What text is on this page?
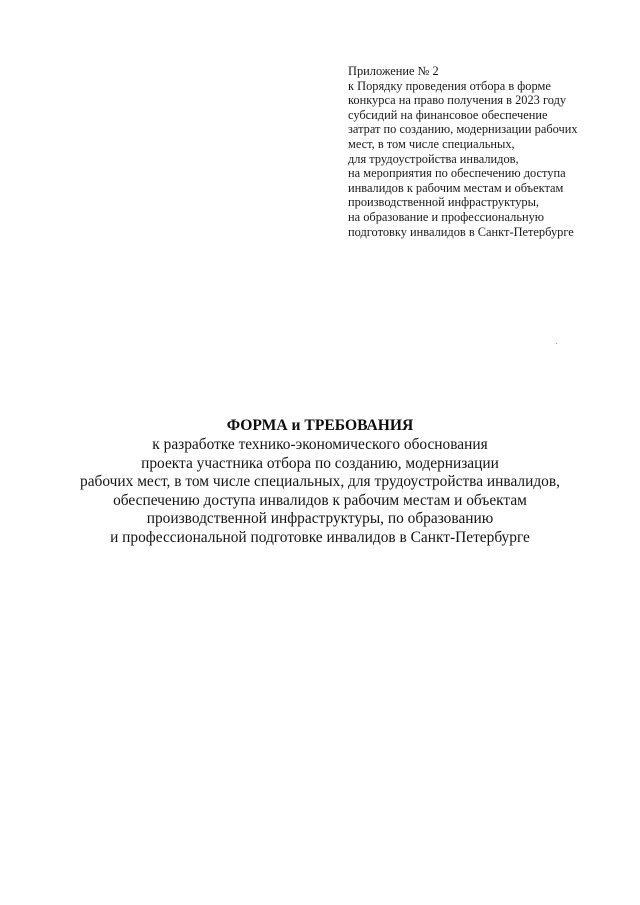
Приложение № 2
к Порядку проведения отбора в форме
конкурса на право получения в 2023 году
субсидий на финансовое обеспечение
затрат по созданию, модернизации рабочих
мест, в том числе специальных,
для трудоустройства инвалидов,
на мероприятия по обеспечению доступа
инвалидов к рабочим местам и объектам
производственной инфраструктуры,
на образование и профессиональную
подготовку инвалидов в Санкт-Петербурге
ФОРМА и ТРЕБОВАНИЯ
к разработке технико-экономического обоснования
проекта участника отбора по созданию, модернизации
рабочих мест, в том числе специальных, для трудоустройства инвалидов,
обеспечению доступа инвалидов к рабочим местам и объектам
производственной инфраструктуры, по образованию
и профессиональной подготовке инвалидов в Санкт-Петербурге
